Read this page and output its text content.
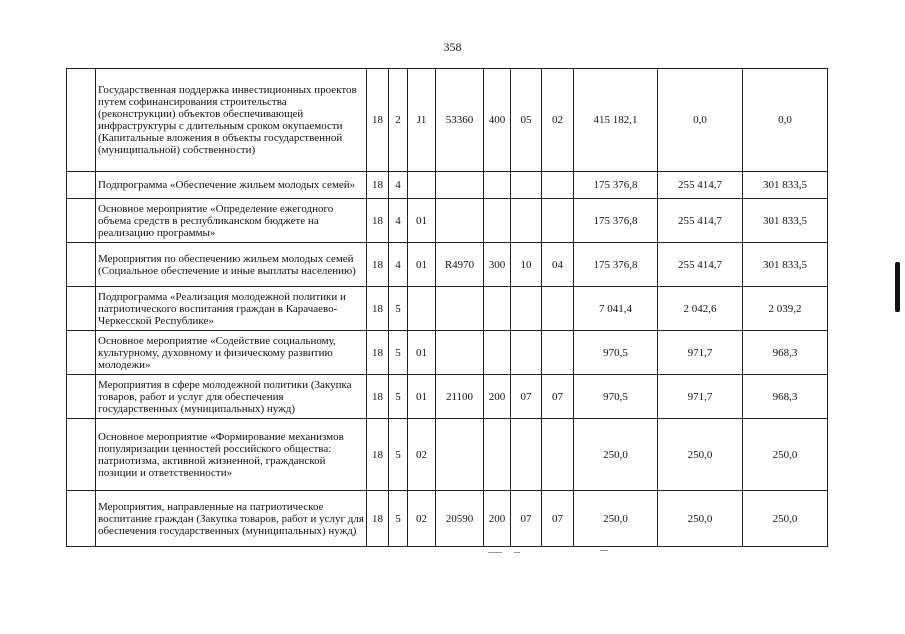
358
	Государственная поддержка инвестиционных проектов путем софинансирования строительства (реконструкции) объектов обеспечивающей инфраструктуры с длительным сроком окупаемости (Капитальные вложения в объекты государственной (муниципальной) собственности)	18	2	J1	53360	400	05	02	415 182,1	0,0	0,0
	Подпрограмма «Обеспечение жильем молодых семей»	18	4						175 376,8	255 414,7	301 833,5
	Основное мероприятие «Определение ежегодного объема средств в республиканском бюджете на реализацию программы»	18	4	01					175 376,8	255 414,7	301 833,5
	Мероприятия по обеспечению жильем молодых семей (Социальное обеспечение и иные выплаты населению)	18	4	01	R4970	300	10	04	175 376,8	255 414,7	301 833,5
	Подпрограмма «Реализация молодежной политики и патриотического воспитания граждан в Карачаево-Черкесской Республике»	18	5						7 041,4	2 042,6	2 039,2
	Основное мероприятие «Содействие социальному, культурному, духовному и физическому развитию молодежи»	18	5	01					970,5	971,7	968,3
	Мероприятия в сфере молодежной политики (Закупка товаров, работ и услуг для обеспечения государственных (муниципальных) нужд)	18	5	01	21100	200	07	07	970,5	971,7	968,3
	Основное мероприятие «Формирование механизмов популяризации ценностей российского общества: патриотизма, активной жизненной, гражданской позиции и ответственности»	18	5	02					250,0	250,0	250,0
	Мероприятия, направленные на патриотическое воспитание граждан (Закупка товаров, работ и услуг для обеспечения государственных (муниципальных) нужд)	18	5	02	20590	200	07	07	250,0	250,0	250,0
